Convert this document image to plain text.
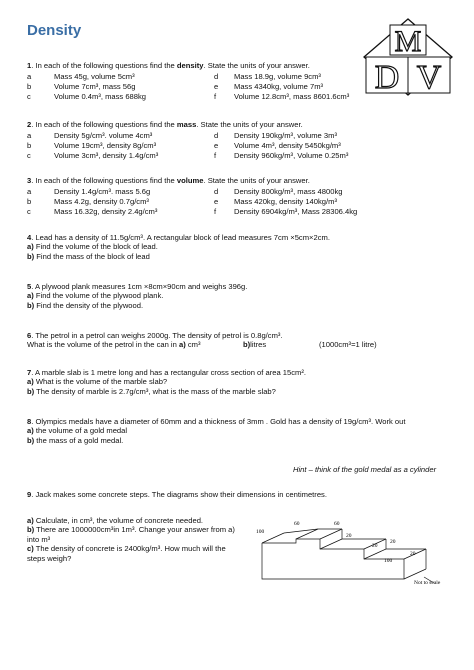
Density	M
D V

1. In each of the following questions find the density. State the units of your answer.

a	Mass 45g, volume 5cm³	d	Mass 18.9g, volume 9cm³
b	Volume 7cm³, mass 56g	e	Mass 4340kg, volume 7m³
c	Volume 0.4m³, mass 688kg	f	Volume 12.8cm³, mass 8601.6cm³

2. In each of the following questions find the mass. State the units of your answer.

a	Density 5g/cm³. volume 4cm³	d	Density 190kg/m³, volume 3m³
b	Volume 19cm³, density 8g/cm³	e	Volume 4m³, density 5450kg/m³
c	Volume 3cm³, density 1.4g/cm³	f	Density 960kg/m³, Volume 0.25m³

3. In each of the following questions find the volume. State the units of your answer.

a	Density 1.4g/cm³. mass 5.6g	d	Density 800kg/m³, mass 4800kg
b	Mass 4.2g, density 0.7g/cm³	e	Mass 420kg, density 140kg/m³
c	Mass 16.32g, density 2.4g/cm³	f	Density 6904kg/m³, Mass 28306.4kg

4. Lead has a density of 11.5g/cm³. A rectangular block of lead measures 7cm ×5cm×2cm.

a) Find the volume of the block of lead.

b) Find the mass of the block of lead

5. A plywood plank measures 1cm ×8cm×90cm and weighs 396g.

a) Find the volume of the plywood plank.

b) Find the density of the plywood.

6. The petrol in a petrol can weighs 2000g. The density of petrol is 0.8g/cm³.

What is the volume of the petrol in the can in a) cm³	b)litres	(1000cm³=1 litre)

7. A marble slab is 1 metre long and has a rectangular cross section of area 15cm².

a) What is the volume of the marble slab?

b) The density of marble is 2.7g/cm³, what is the mass of the marble slab?

8. Olympics medals have a diameter of 60mm and a thickness of 3mm . Gold has a density of 19g/cm³. Work out

a) the volume of a gold medal

b) the mass of a gold medal.

Hint – think of the gold medal as a cylinder

9. Jack makes some concrete steps. The diagrams show their dimensions in centimetres.

a) Calculate, in cm³, the volume of concrete needed.

b) There are 1000000cm³in 1m³. Change your answer from a)

into m³

c) The density of concrete is 2400kg/m³. How much will the

steps weigh?

100
60	60
20
20
20
100
20
Not to scale
